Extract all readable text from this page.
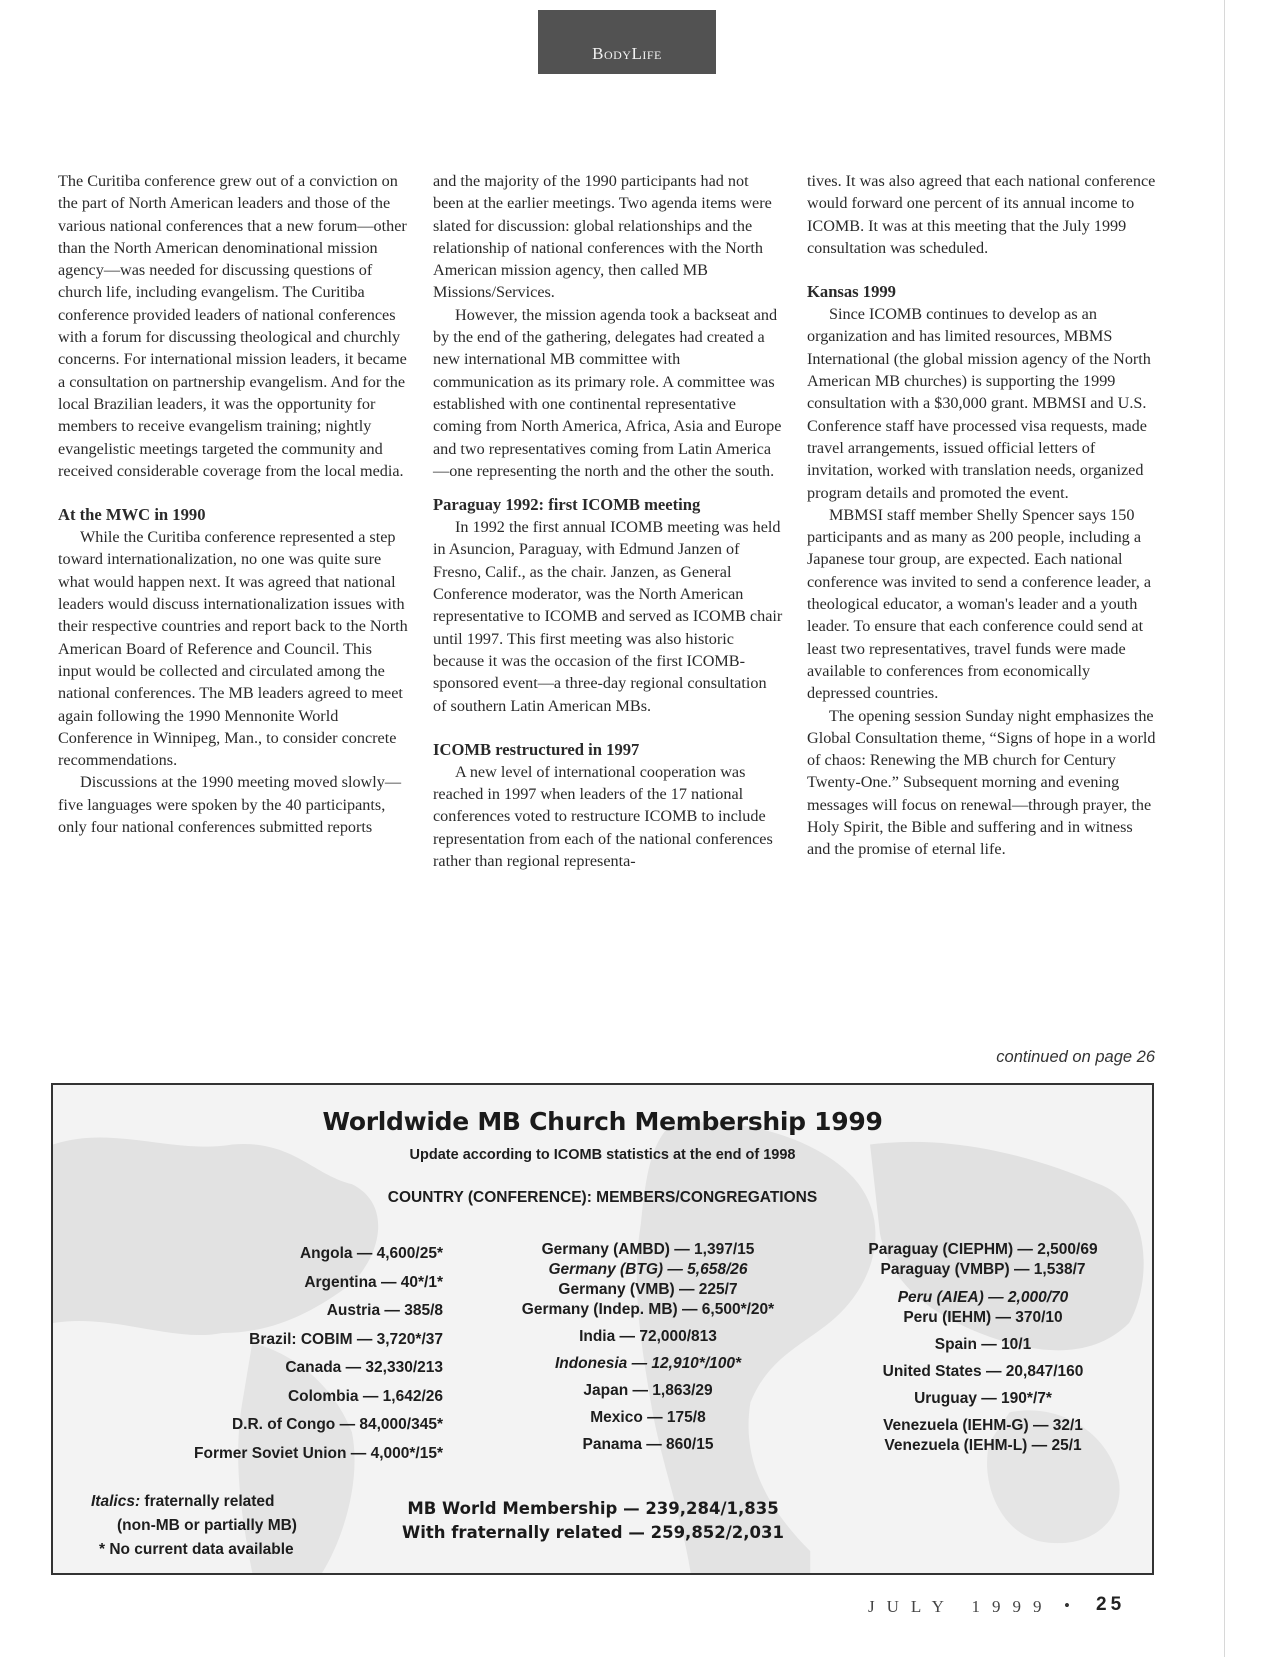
BodyLife

The Curitiba conference grew out of a conviction on the part of North American leaders and those of the various national conferences that a new forum—other than the North American denominational mission agency—was needed for discussing questions of church life, including evangelism. The Curitiba conference provided leaders of national conferences with a forum for discussing theological and churchly concerns. For international mission leaders, it became a consultation on partnership evangelism. And for the local Brazilian leaders, it was the opportunity for members to receive evangelism training; nightly evangelistic meetings targeted the community and received considerable coverage from the local media.

At the MWC in 1990

While the Curitiba conference represented a step toward internationalization, no one was quite sure what would happen next. It was agreed that national leaders would discuss internationalization issues with their respective countries and report back to the North American Board of Reference and Council. This input would be collected and circulated among the national conferences. The MB leaders agreed to meet again following the 1990 Mennonite World Conference in Winnipeg, Man., to consider concrete recommendations.

Discussions at the 1990 meeting moved slowly—five languages were spoken by the 40 participants, only four national conferences submitted reports

and the majority of the 1990 participants had not been at the earlier meetings. Two agenda items were slated for discussion: global relationships and the relationship of national conferences with the North American mission agency, then called MB Missions/Services.

However, the mission agenda took a backseat and by the end of the gathering, delegates had created a new international MB committee with communication as its primary role. A committee was established with one continental representative coming from North America, Africa, Asia and Europe and two representatives coming from Latin America—one representing the north and the other the south.

Paraguay 1992: first ICOMB meeting

In 1992 the first annual ICOMB meeting was held in Asuncion, Paraguay, with Edmund Janzen of Fresno, Calif., as the chair. Janzen, as General Conference moderator, was the North American representative to ICOMB and served as ICOMB chair until 1997. This first meeting was also historic because it was the occasion of the first ICOMB-sponsored event—a three-day regional consultation of southern Latin American MBs.

ICOMB restructured in 1997

A new level of international cooperation was reached in 1997 when leaders of the 17 national conferences voted to restructure ICOMB to include representation from each of the national conferences rather than regional representa-

tives. It was also agreed that each national conference would forward one percent of its annual income to ICOMB. It was at this meeting that the July 1999 consultation was scheduled.

Kansas 1999

Since ICOMB continues to develop as an organization and has limited resources, MBMS International (the global mission agency of the North American MB churches) is supporting the 1999 consultation with a $30,000 grant. MBMSI and U.S. Conference staff have processed visa requests, made travel arrangements, issued official letters of invitation, worked with translation needs, organized program details and promoted the event.

MBMSI staff member Shelly Spencer says 150 participants and as many as 200 people, including a Japanese tour group, are expected. Each national conference was invited to send a conference leader, a theological educator, a woman's leader and a youth leader. To ensure that each conference could send at least two representatives, travel funds were made available to conferences from economically depressed countries.

The opening session Sunday night emphasizes the Global Consultation theme, “Signs of hope in a world of chaos: Renewing the MB church for Century Twenty-One.” Subsequent morning and evening messages will focus on renewal—through prayer, the Holy Spirit, the Bible and suffering and in witness and the promise of eternal life.

continued on page 26
Worldwide MB Church Membership 1999
Update according to ICOMB statistics at the end of 1998
COUNTRY (CONFERENCE): MEMBERS/CONGREGATIONS
Angola — 4,600/25*
Argentina — 40*/1*
Austria — 385/8
Brazil: COBIM — 3,720*/37
Canada — 32,330/213
Colombia — 1,642/26
D.R. of Congo — 84,000/345*
Former Soviet Union — 4,000*/15*
Germany (AMBD) — 1,397/15
Germany (BTG) — 5,658/26
Germany (VMB) — 225/7
Germany (Indep. MB) — 6,500*/20*
India — 72,000/813
Indonesia — 12,910*/100*
Japan — 1,863/29
Mexico — 175/8
Panama — 860/15
Paraguay (CIEPHM) — 2,500/69
Paraguay (VMBP) — 1,538/7
Peru (AIEA) — 2,000/70
Peru (IEHM) — 370/10
Spain — 10/1
United States — 20,847/160
Uruguay — 190*/7*
Venezuela (IEHM-G) — 32/1
Venezuela (IEHM-L) — 25/1
Italics: fraternally related
(non-MB or partially MB)
* No current data available
MB World Membership — 239,284/1,835
With fraternally related — 259,852/2,031
JULY 1999 • 25
